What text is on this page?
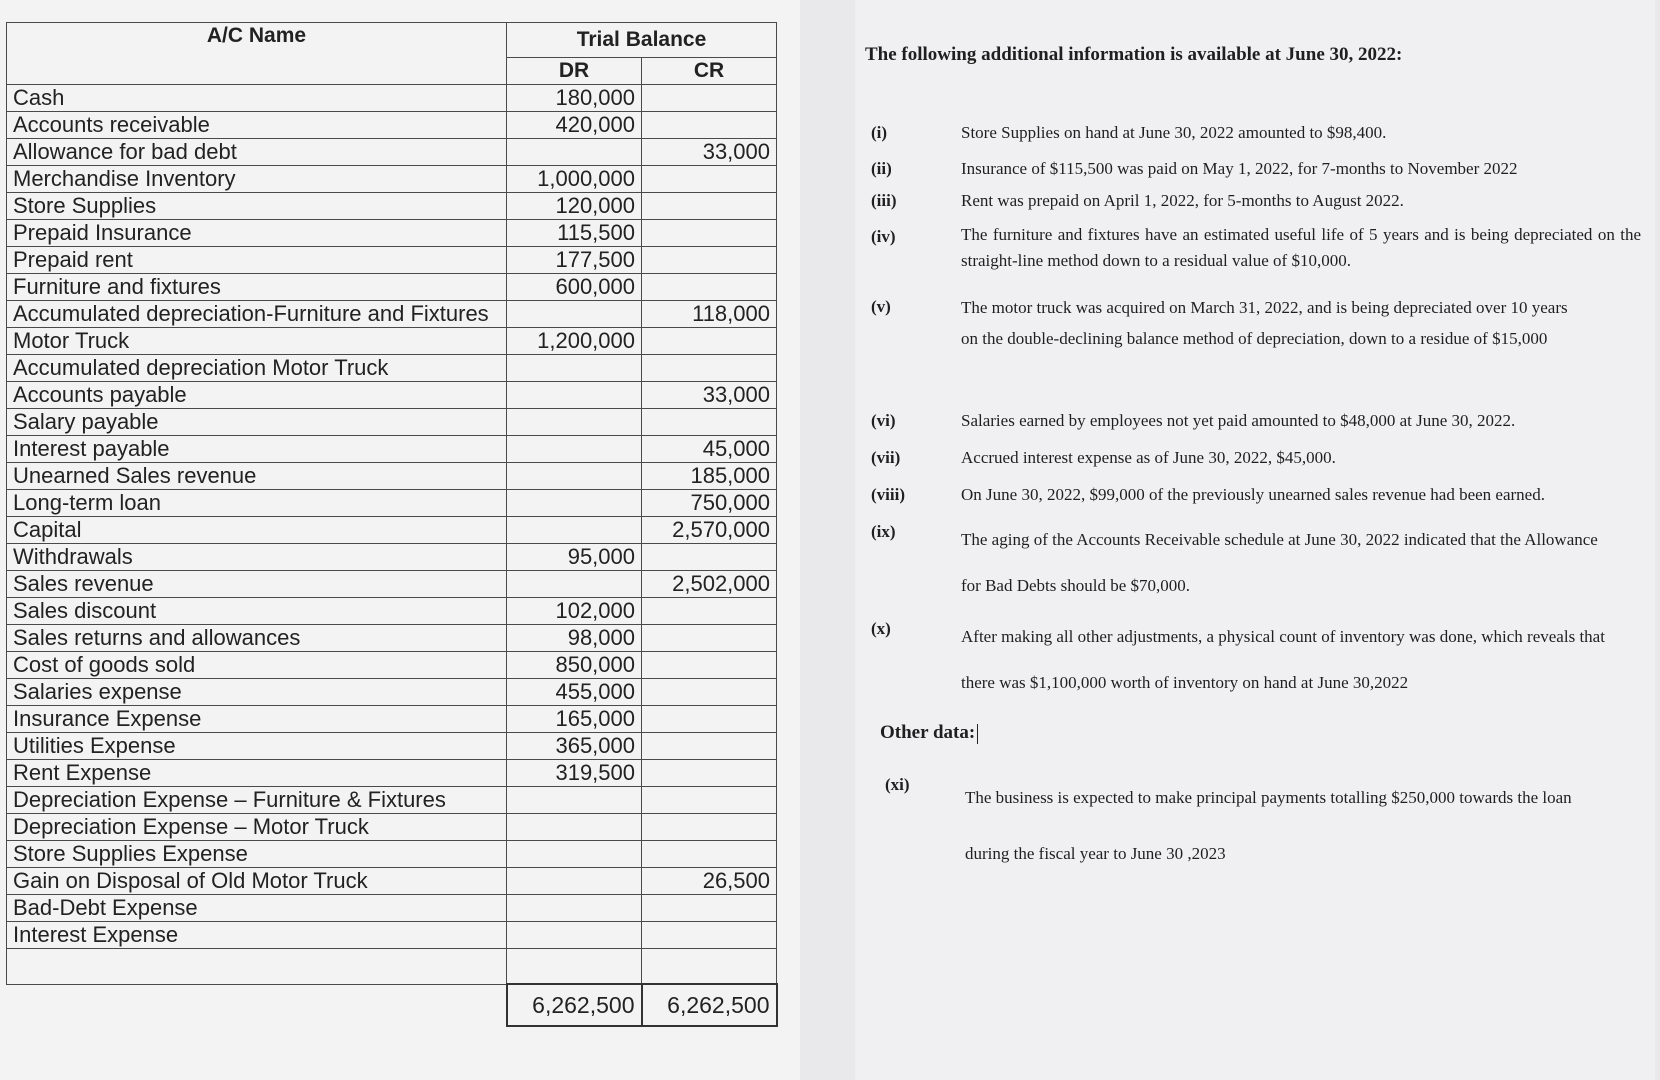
A/C Name	Trial Balance	
	DR	CR
Cash	180,000	
Accounts receivable	420,000	
Allowance for bad debt		33,000
Merchandise Inventory	1,000,000	
Store Supplies	120,000	
Prepaid Insurance	115,500	
Prepaid rent	177,500	
Furniture and fixtures	600,000	
Accumulated depreciation-Furniture and Fixtures		118,000
Motor Truck	1,200,000	
Accumulated depreciation Motor Truck		
Accounts payable		33,000
Salary payable		
Interest payable		45,000
Unearned Sales revenue		185,000
Long-term loan		750,000
Capital		2,570,000
Withdrawals	95,000	
Sales revenue		2,502,000
Sales discount	102,000	
Sales returns and allowances	98,000	
Cost of goods sold	850,000	
Salaries expense	455,000	
Insurance Expense	165,000	
Utilities Expense	365,000	
Rent Expense	319,500	
Depreciation Expense – Furniture & Fixtures		
Depreciation Expense – Motor Truck		
Store Supplies Expense		
Gain on Disposal of Old Motor Truck		26,500
Bad-Debt Expense		
Interest Expense		

	6,262,500	6,262,500
The following additional information is available at June 30, 2022:
(i)	Store Supplies on hand at June 30, 2022 amounted to $98,400.
(ii)	Insurance of $115,500 was paid on May 1, 2022, for 7-months to November 2022
(iii)	Rent was prepaid on April 1, 2022, for 5-months to August 2022.
(iv)	The furniture and fixtures have an estimated useful life of 5 years and is being depreciated on the straight-line method down to a residual value of $10,000.
(v)	The motor truck was acquired on March 31, 2022, and is being depreciated over 10 years on the double-declining balance method of depreciation, down to a residue of $15,000
(vi)	Salaries earned by employees not yet paid amounted to $48,000 at June 30, 2022.
(vii)	Accrued interest expense as of June 30, 2022, $45,000.
(viii)	On June 30, 2022, $99,000 of the previously unearned sales revenue had been earned.
(ix)	The aging of the Accounts Receivable schedule at June 30, 2022 indicated that the Allowance for Bad Debts should be $70,000.
(x)	After making all other adjustments, a physical count of inventory was done, which reveals that there was $1,100,000 worth of inventory on hand at June 30,2022
Other data:
(xi)
The business is expected to make principal payments totalling $250,000 towards the loan during the fiscal year to June 30 ,2023
